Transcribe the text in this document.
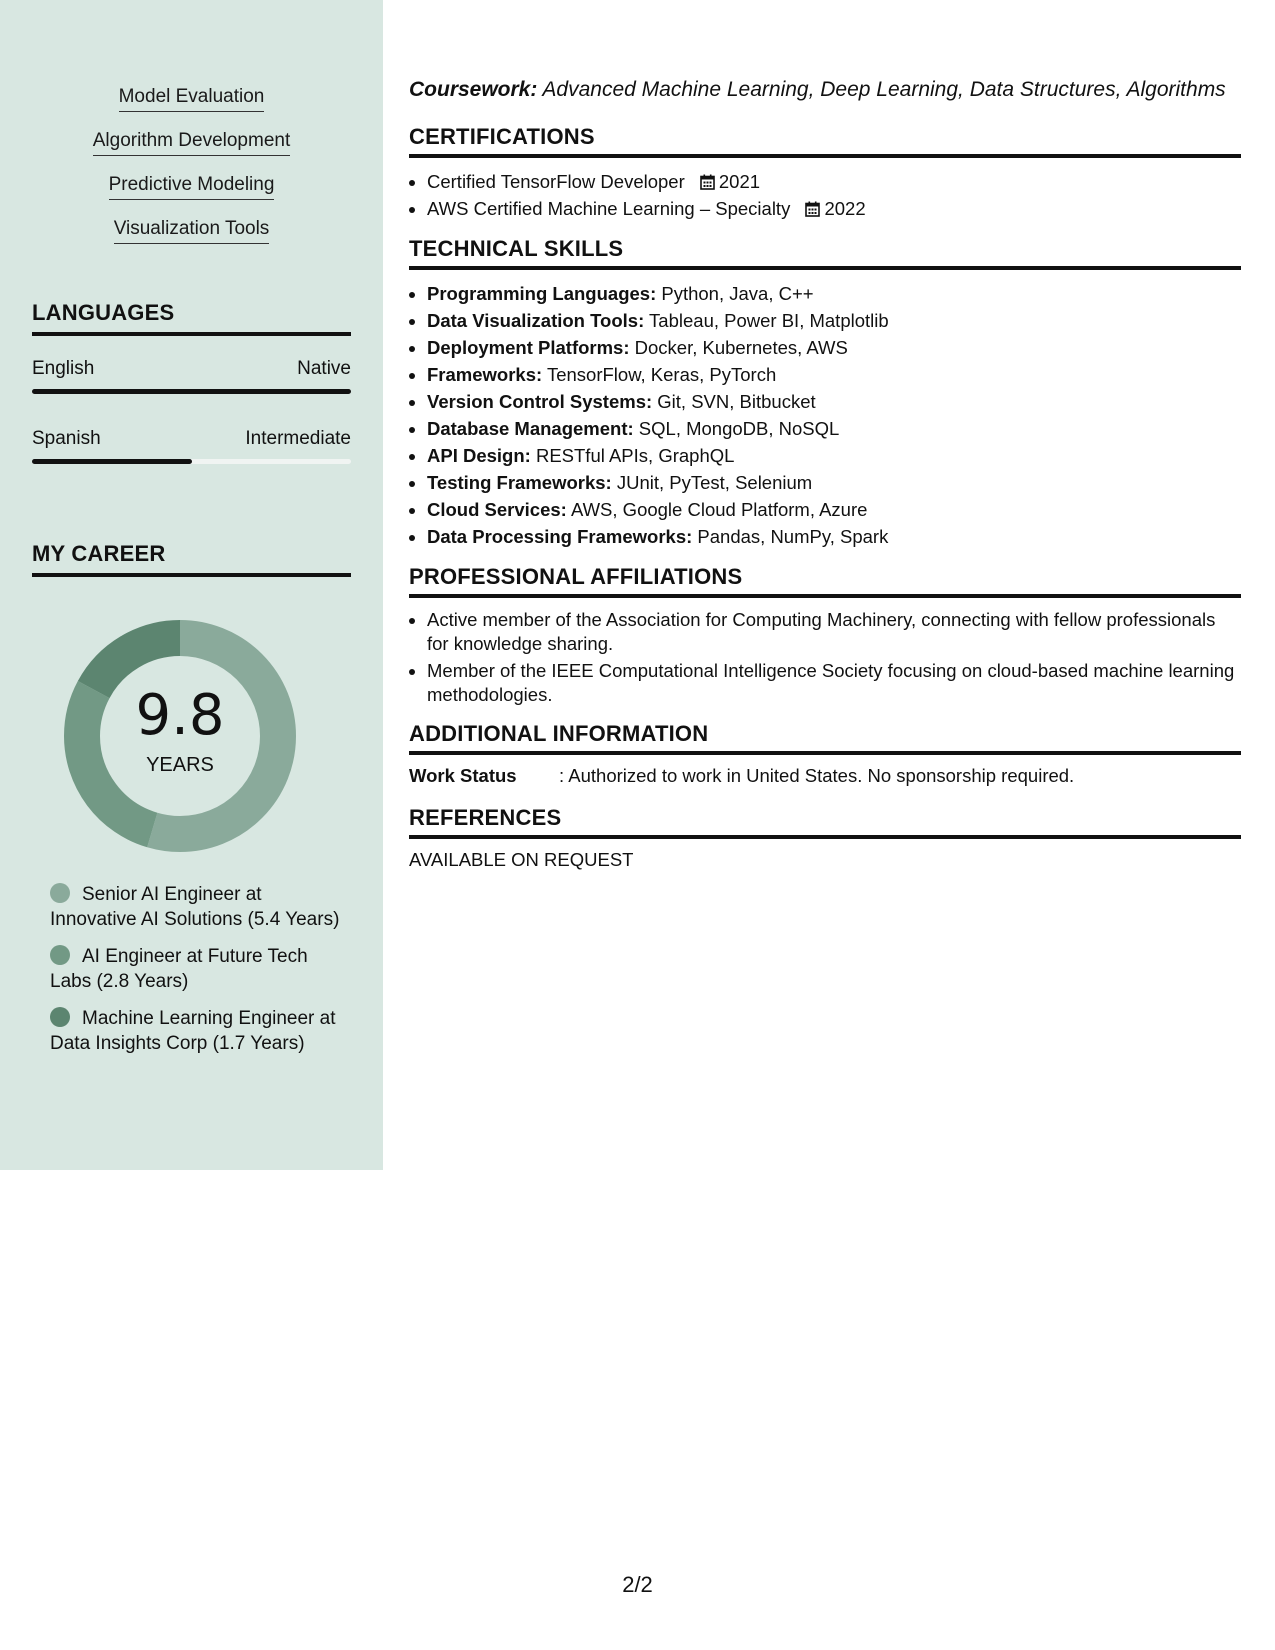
Model Evaluation
Algorithm Development
Predictive Modeling
Visualization Tools
LANGUAGES
English	Native
Spanish	Intermediate
MY CAREER
9.8
YEARS
Senior AI Engineer at Innovative AI Solutions (5.4 Years)
AI Engineer at Future Tech Labs (2.8 Years)
Machine Learning Engineer at Data Insights Corp (1.7 Years)
Coursework: Advanced Machine Learning, Deep Learning, Data Structures, Algorithms
CERTIFICATIONS
• Certified TensorFlow Developer 2021
• AWS Certified Machine Learning – Specialty 2022
TECHNICAL SKILLS
• Programming Languages: Python, Java, C++
• Data Visualization Tools: Tableau, Power BI, Matplotlib
• Deployment Platforms: Docker, Kubernetes, AWS
• Frameworks: TensorFlow, Keras, PyTorch
• Version Control Systems: Git, SVN, Bitbucket
• Database Management: SQL, MongoDB, NoSQL
• API Design: RESTful APIs, GraphQL
• Testing Frameworks: JUnit, PyTest, Selenium
• Cloud Services: AWS, Google Cloud Platform, Azure
• Data Processing Frameworks: Pandas, NumPy, Spark
PROFESSIONAL AFFILIATIONS
• Active member of the Association for Computing Machinery, connecting with fellow professionals for knowledge sharing.
• Member of the IEEE Computational Intelligence Society focusing on cloud-based machine learning methodologies.
ADDITIONAL INFORMATION
Work Status	: Authorized to work in United States. No sponsorship required.
REFERENCES
AVAILABLE ON REQUEST
2/2
